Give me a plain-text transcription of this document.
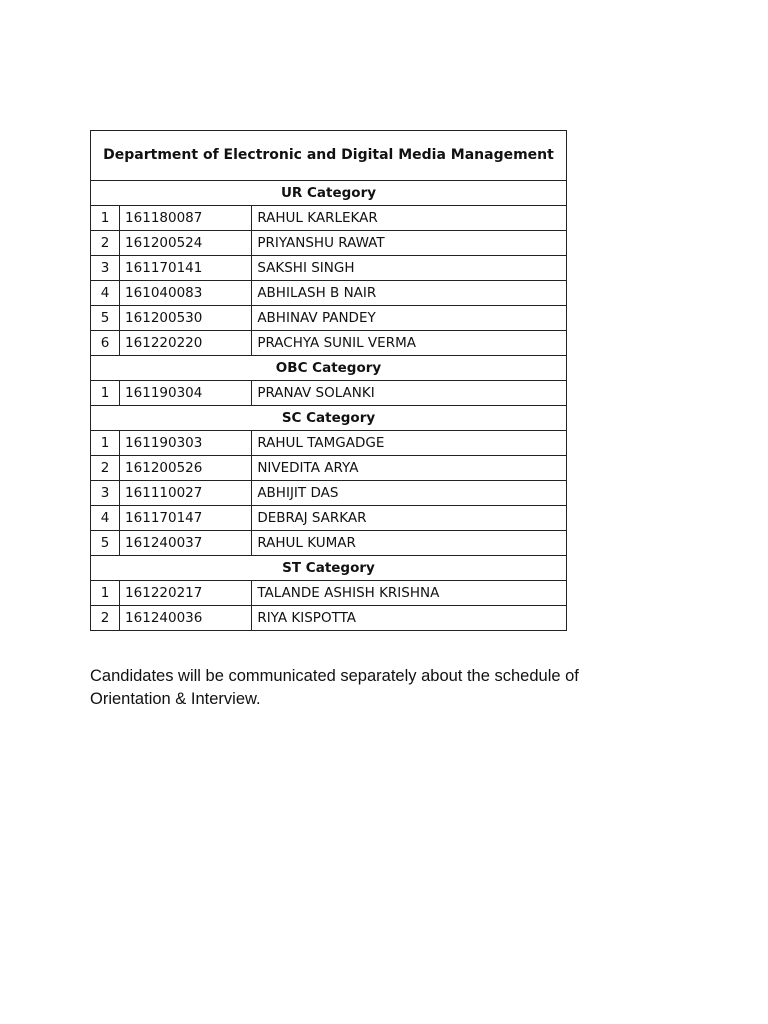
Department of Electronic and Digital Media Management		
UR Category		
1	161180087	RAHUL KARLEKAR
2	161200524	PRIYANSHU RAWAT
3	161170141	SAKSHI SINGH
4	161040083	ABHILASH B NAIR
5	161200530	ABHINAV PANDEY
6	161220220	PRACHYA SUNIL VERMA
OBC Category		
1	161190304	PRANAV SOLANKI
SC Category		
1	161190303	RAHUL TAMGADGE
2	161200526	NIVEDITA ARYA
3	161110027	ABHIJIT DAS
4	161170147	DEBRAJ SARKAR
5	161240037	RAHUL KUMAR
ST Category		
1	161220217	TALANDE ASHISH KRISHNA
2	161240036	RIYA KISPOTTA

Candidates will be communicated separately about the schedule of Orientation & Interview.
